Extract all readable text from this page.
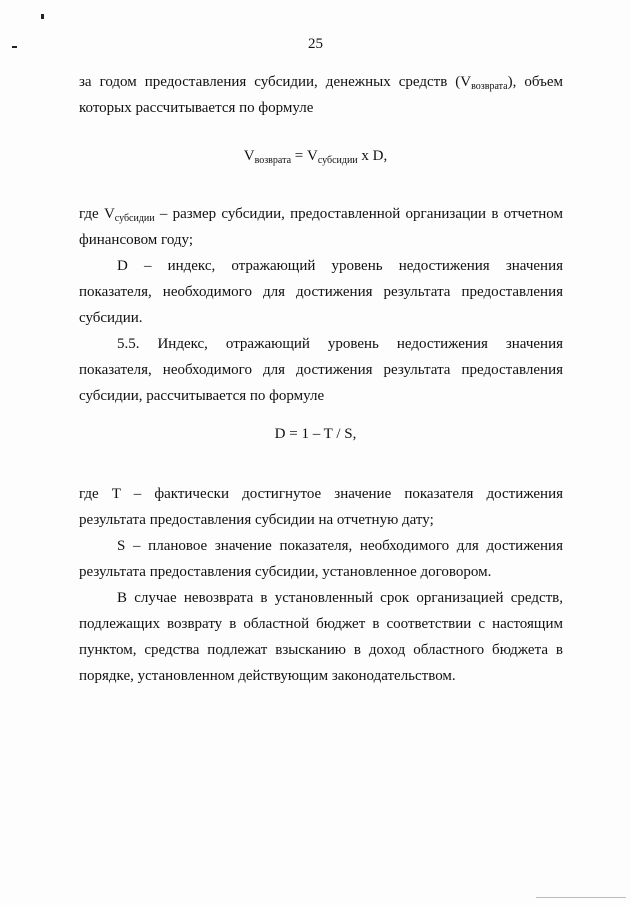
25
за годом предоставления субсидии, денежных средств $(V_{возврата})$, объем которых рассчитывается по формуле
$V_{возврата} = V_{субсидии}$ x D,
где $V_{субсидии}$ – размер субсидии, предоставленной организации в отчетном финансовом году;
D – индекс, отражающий уровень недостижения значения показателя, необходимого для достижения результата предоставления субсидии.
5.5. Индекс, отражающий уровень недостижения значения показателя, необходимого для достижения результата предоставления субсидии, рассчитывается по формуле
D = 1 – T / S,
где T – фактически достигнутое значение показателя достижения результата предоставления субсидии на отчетную дату;
S – плановое значение показателя, необходимого для достижения результата предоставления субсидии, установленное договором.
В случае невозврата в установленный срок организацией средств, подлежащих возврату в областной бюджет в соответствии с настоящим пунктом, средства подлежат взысканию в доход областного бюджета в порядке, установленном действующим законодательством.
